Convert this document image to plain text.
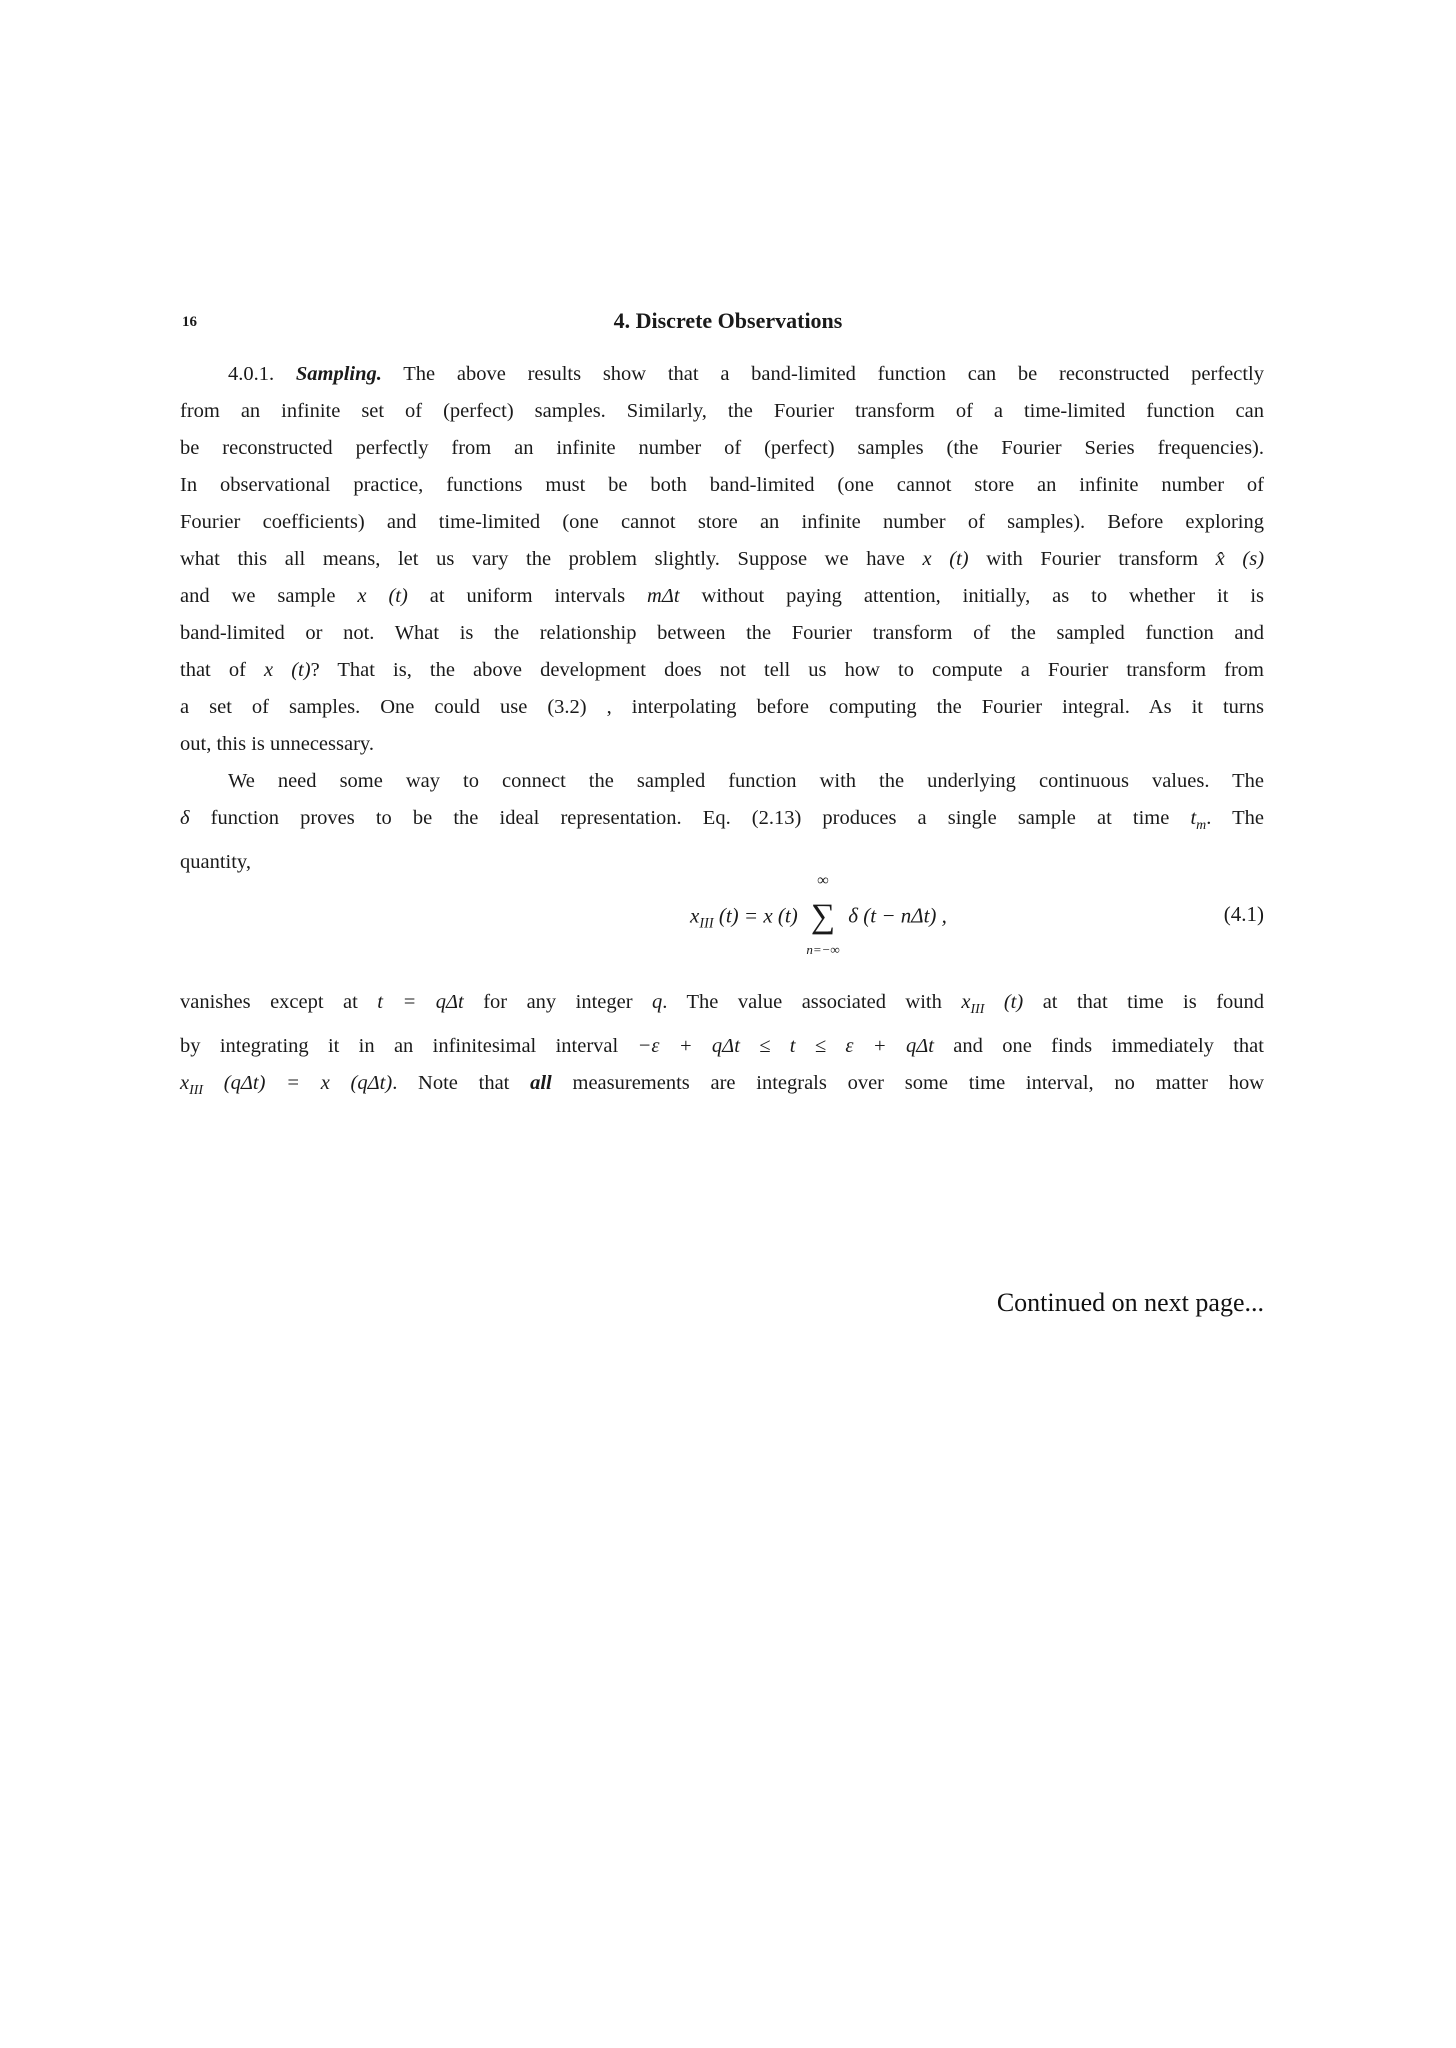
16	4. Discrete Observations

4.0.1. Sampling. The above results show that a band-limited function can be reconstructed perfectly

from an infinite set of (perfect) samples. Similarly, the Fourier transform of a time-limited function can

be reconstructed perfectly from an infinite number of (perfect) samples (the Fourier Series frequencies).

In observational practice, functions must be both band-limited (one cannot store an infinite number of

Fourier coefficients) and time-limited (one cannot store an infinite number of samples). Before exploring

what this all means, let us vary the problem slightly. Suppose we have x (t) with Fourier transform x̂ (s)

and we sample x (t) at uniform intervals mΔt without paying attention, initially, as to whether it is

band-limited or not. What is the relationship between the Fourier transform of the sampled function and

that of x (t)? That is, the above development does not tell us how to compute a Fourier transform from

a set of samples. One could use (3.2) , interpolating before computing the Fourier integral. As it turns

out, this is unnecessary.

We need some way to connect the sampled function with the underlying continuous values. The

δ function proves to be the ideal representation. Eq. (2.13) produces a single sample at time $t_m$. The

quantity,

$x_{III}$ (t) = x (t)
∞
∑
n=−∞
δ (t − nΔt) ,	(4.1)

vanishes except at t = qΔt for any integer q. The value associated with $x_{III}$ (t) at that time is found

by integrating it in an infinitesimal interval −ε + qΔt ≤ t ≤ ε + qΔt and one finds immediately that

$x_{III}$ (qΔt) = x (qΔt). Note that all measurements are integrals over some time interval, no matter how

Continued on next page...
